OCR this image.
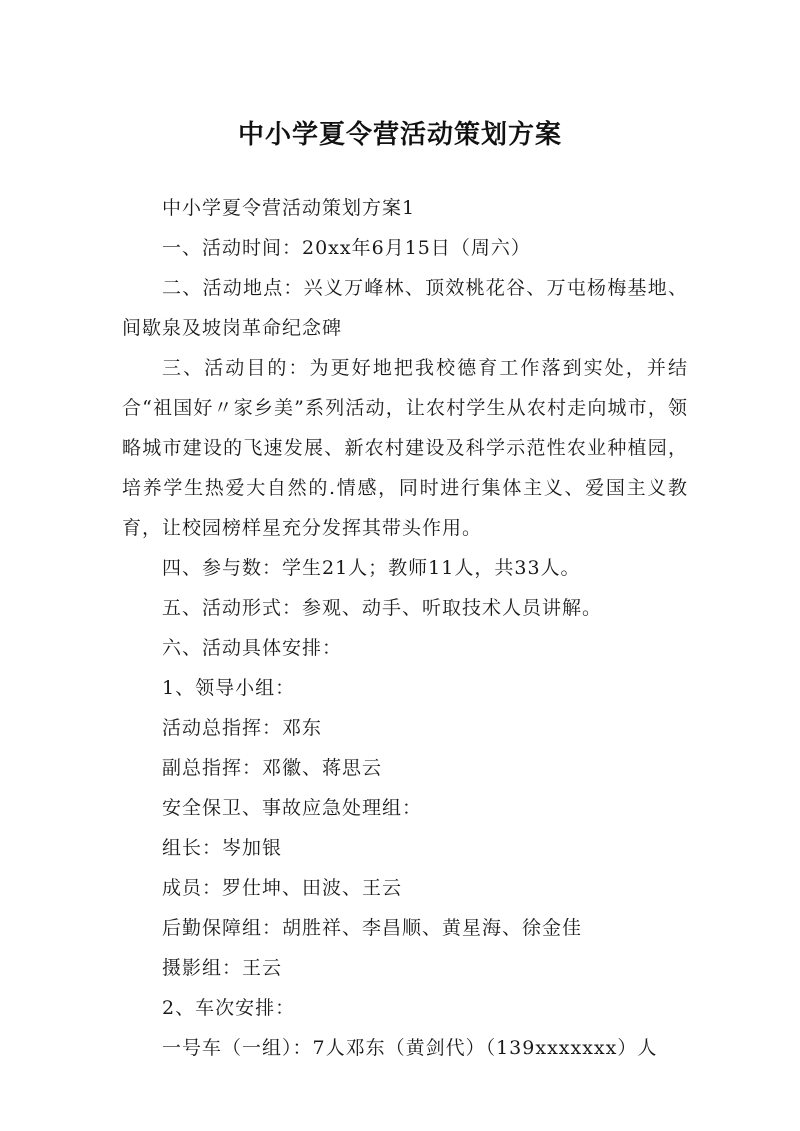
中小学夏令营活动策划方案

中小学夏令营活动策划方案1

一、活动时间：20xx年6月15日（周六）

二、活动地点：兴义万峰林、顶效桃花谷、万屯杨梅基地、间歇泉及坡岗革命纪念碑

三、活动目的：为更好地把我校德育工作落到实处，并结合“祖国好〃家乡美”系列活动，让农村学生从农村走向城市，领略城市建设的飞速发展、新农村建设及科学示范性农业种植园，培养学生热爱大自然的.情感，同时进行集体主义、爱国主义教育，让校园榜样星充分发挥其带头作用。

四、参与数：学生21人；教师11人，共33人。

五、活动形式：参观、动手、听取技术人员讲解。

六、活动具体安排：

1、领导小组：

活动总指挥：邓东

副总指挥：邓徽、蒋思云

安全保卫、事故应急处理组：

组长：岑加银

成员：罗仕坤、田波、王云

后勤保障组：胡胜祥、李昌顺、黄星海、徐金佳

摄影组：王云

2、车次安排：

一号车（一组）：7人邓东（黄剑代）（139xxxxxxx）人
